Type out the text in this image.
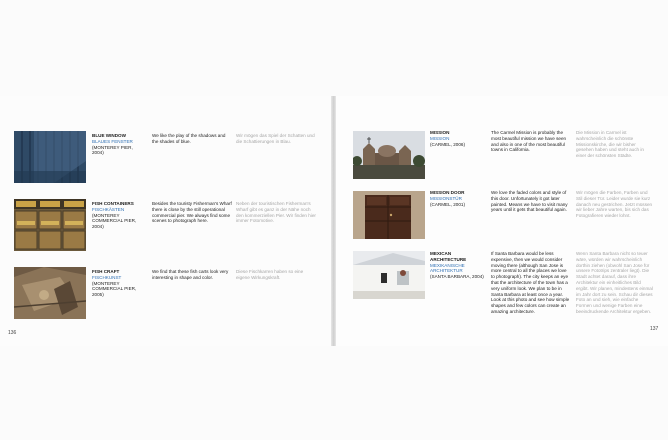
BLUE WINDOW
BLAUES FENSTER
(MONTEREY PIER, 2004)
We like the play of the shadows and the shades of blue.
Wir mögen das Spiel der Schatten und die Schattierungen in Blau.
FISH CONTAINERS
FISCHKÄSTEN
(MONTEREY COMMERCIAL PIER, 2004)
Besides the touristy Fisherman's Wharf there is close by the still operational commercial pier. We always find some scenes to photograph here.
Neben der touristischen Fisherman's Wharf gibt es ganz in der Nähe noch den kommerziellen Pier. Wir finden hier immer Fotomotive.
FISH CRAFT
FISCHKUNST
(MONTEREY COMMERCIAL PIER, 2005)
We find that these fish carts look very interesting in shape and color.
Diese Fischkarren haben so eine eigene Wirkungskraft.
136
MISSION
MISSION
(CARMEL, 2006)
The Carmel Mission is probably the most beautiful mission we have seen and also in one of the most beautiful towns in California.
Die Mission in Carmel ist wahrscheinlich die schönste Missionskirche, die wir bisher gesehen haben und steht auch in einer der schönsten Städte.
MISSION DOOR
MISSIONSTÜR
(CARMEL, 2001)
We love the faded colors and style of this door. Unfortunately it got later painted. Means we have to visit many years until it gets that beautiful again.
Wir mögen die Farben, Farben und Stil dieser Tür. Leider wurde sie kurz danach neu gestrichen. Jetzt müssen wir lieber Jahre warten, bis sich das Fotografieren wieder lohnt.
MEXICAN ARCHITECTURE
MEXIKANISCHE ARCHITEKTUR
(SANTA BARBARA, 2004)
If Santa Barbara would be less expensive, then we would consider moving there (although San Jose is more central to all the places we love to photograph). The city keeps an eye that the architecture of the town has a very uniform look. We plan to be in Santa Barbara at least once a year. Look at this photo and see how simple shapes and few colors can create an amazing architecture.
Wenn Santa Barbara nicht so teuer wäre, würden wir wahrscheinlich dorthin ziehen (obwohl San Jose für unsere Fototrips zentraler liegt). Die Stadt achtet darauf, dass ihre Architektur ein einheitliches Bild ergibt. Wir planen, mindestens einmal im Jahr dort zu sein. Schau dir dieses Foto an und sieh, wie einfache Formen und wenige Farben eine beeindruckende Architektur ergeben.
137
